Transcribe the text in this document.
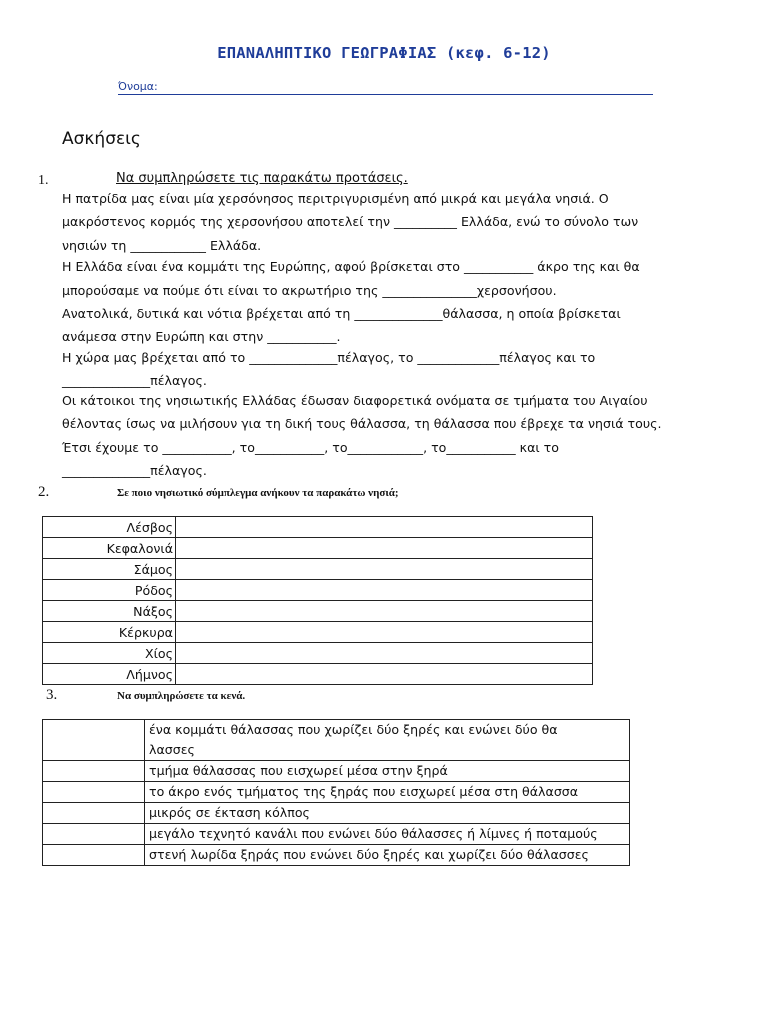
ΕΠΑΝΑΛΗΠΤΙΚΟ ΓΕΩΓΡΑΦΙΑΣ (κεφ. 6-12)
Όνομα:
Ασκήσεις
1.	Να συμπληρώσετε τις παρακάτω προτάσεις.
Η πατρίδα μας είναι μία χερσόνησος περιτριγυρισμένη από μικρά και μεγάλα νησιά. Ο
μακρόστενος κορμός της χερσονήσου αποτελεί την __________ Ελλάδα, ενώ το σύνολο των
νησιών τη ____________ Ελλάδα.
Η Ελλάδα είναι ένα κομμάτι της Ευρώπης, αφού βρίσκεται στο ___________ άκρο της και θα
μπορούσαμε να πούμε ότι είναι το ακρωτήριο της _______________χερσονήσου.
Ανατολικά, δυτικά και νότια βρέχεται από τη ______________θάλασσα, η οποία βρίσκεται
ανάμεσα στην Ευρώπη και στην ___________.
Η χώρα μας βρέχεται από το ______________πέλαγος, το _____________πέλαγος και το
______________πέλαγος.
Οι κάτοικοι της νησιωτικής Ελλάδας έδωσαν διαφορετικά ονόματα σε τμήματα του Αιγαίου
θέλοντας ίσως να μιλήσουν για τη δική τους θάλασσα, τη θάλασσα που έβρεχε τα νησιά τους.
Έτσι έχουμε το ___________, το___________, το____________, το___________ και το
______________πέλαγος.
2.	Σε ποιο νησιωτικό σύμπλεγμα ανήκουν τα παρακάτω νησιά;
Λέσβος	
Κεφαλονιά	
Σάμος	
Ρόδος	
Νάξος	
Κέρκυρα	
Χίος	
Λήμνος	
3.	Να συμπληρώσετε τα κενά.
	ένα κομμάτι θάλασσας που χωρίζει δύο ξηρές και ενώνει δύο θα
λασσες
	τμήμα θάλασσας που εισχωρεί μέσα στην ξηρά
	το άκρο ενός τμήματος της ξηράς που εισχωρεί μέσα στη θάλασσα
	μικρός σε έκταση κόλπος
	μεγάλο τεχνητό κανάλι που ενώνει δύο θάλασσες ή λίμνες ή ποταμούς
	στενή λωρίδα ξηράς που ενώνει δύο ξηρές και χωρίζει δύο θάλασσες
